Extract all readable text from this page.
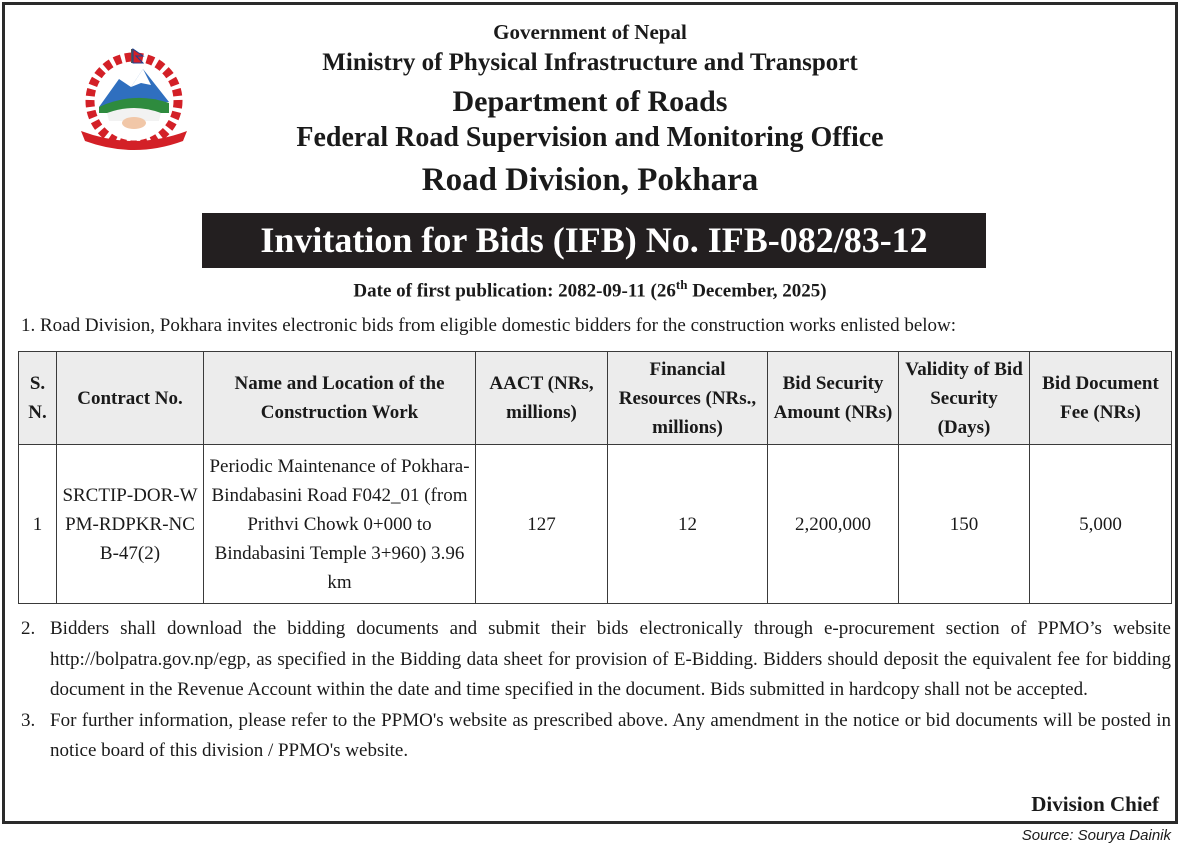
Government of Nepal
Ministry of Physical Infrastructure and Transport
Department of Roads
Federal Road Supervision and Monitoring Office
Road Division, Pokhara
Invitation for Bids (IFB) No. IFB-082/83-12
Date of first publication: 2082-09-11 (26th December, 2025)
1. Road Division, Pokhara invites electronic bids from eligible domestic bidders for the construction works enlisted below:
S. N.	Contract No.	Name and Location of the Construction Work	AACT (NRs, millions)	Financial Resources (NRs., millions)	Bid Security Amount (NRs)	Validity of Bid Security (Days)	Bid Document Fee (NRs)
1	SRCTIP-DOR-WPM-RDPKR-NCB-47(2)	Periodic Maintenance of Pokhara-Bindabasini Road F042_01 (from Prithvi Chowk 0+000 to Bindabasini Temple 3+960) 3.96 km	127	12	2,200,000	150	5,000
2. Bidders shall download the bidding documents and submit their bids electronically through e-procurement section of PPMO’s website http://bolpatra.gov.np/egp, as specified in the Bidding data sheet for provision of E-Bidding. Bidders should deposit the equivalent fee for bidding document in the Revenue Account within the date and time specified in the document. Bids submitted in hardcopy shall not be accepted.
3. For further information, please refer to the PPMO's website as prescribed above. Any amendment in the notice or bid documents will be posted in notice board of this division / PPMO's website.
Division Chief
Source: Sourya Dainik
